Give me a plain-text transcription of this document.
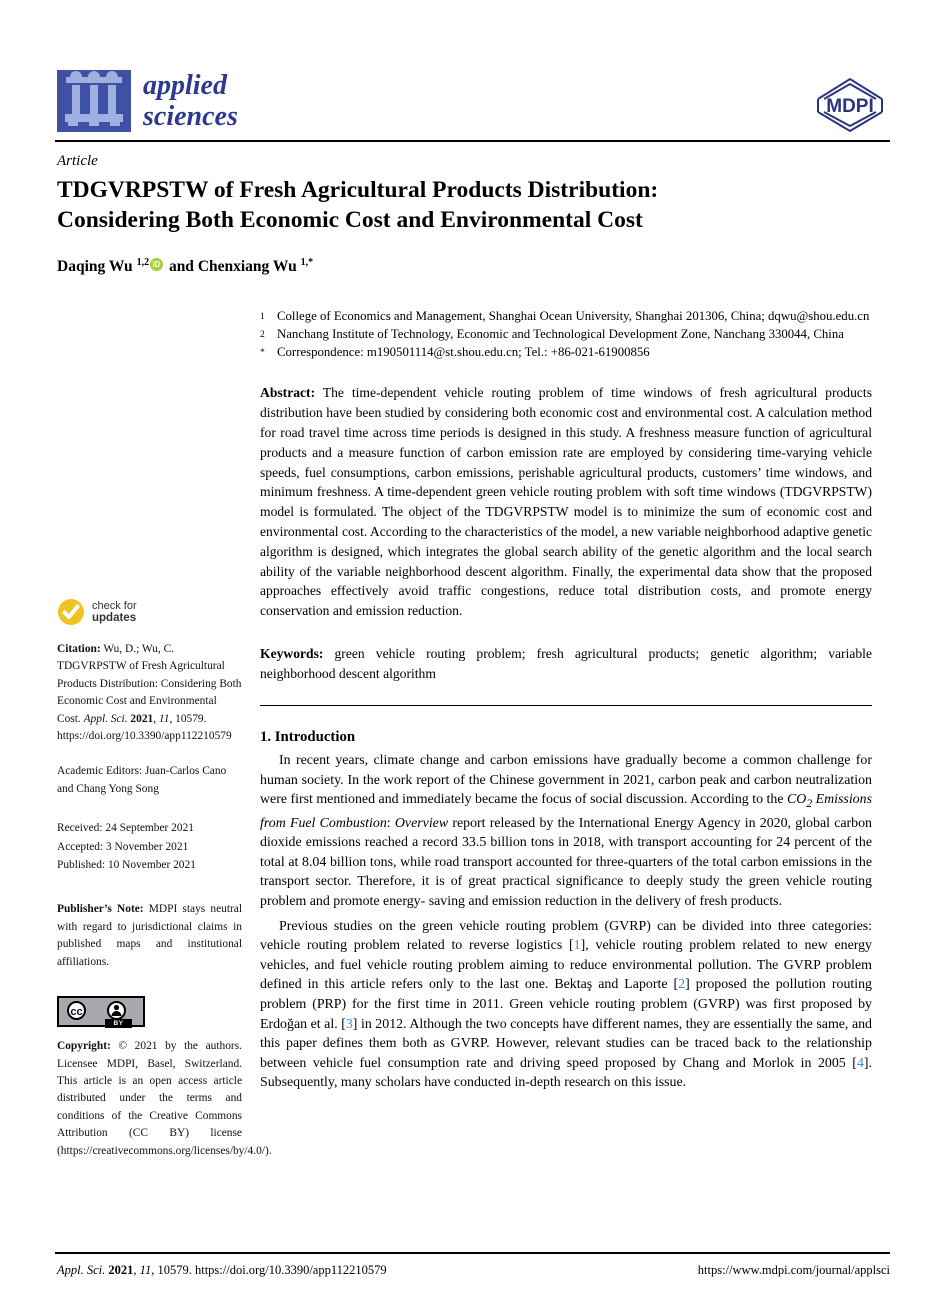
applied
sciences	MDPI
Article
TDGVRPSTW of Fresh Agricultural Products Distribution:
Considering Both Economic Cost and Environmental Cost
Daqing Wu $^{1,2}$ iD and Chenxiang Wu $^{1,*}$
1 College of Economics and Management, Shanghai Ocean University, Shanghai 201306, China; dqwu@shou.edu.cn
2 Nanchang Institute of Technology, Economic and Technological Development Zone, Nanchang 330044, China
* Correspondence: m190501114@st.shou.edu.cn; Tel.: +86-021-61900856
Abstract: The time-dependent vehicle routing problem of time windows of fresh agricultural products distribution have been studied by considering both economic cost and environmental cost. A calculation method for road travel time across time periods is designed in this study. A freshness measure function of agricultural products and a measure function of carbon emission rate are employed by considering time-varying vehicle speeds, fuel consumptions, carbon emissions, perishable agricultural products, customers’ time windows, and minimum freshness. A time-dependent green vehicle routing problem with soft time windows (TDGVRPSTW) model is formulated. The object of the TDGVRPSTW model is to minimize the sum of economic cost and environmental cost. According to the characteristics of the model, a new variable neighborhood adaptive genetic algorithm is designed, which integrates the global search ability of the genetic algorithm and the local search ability of the variable neighborhood descent algorithm. Finally, the experimental data show that the proposed approaches effectively avoid traffic congestions, reduce total distribution costs, and promote energy conservation and emission reduction.
Keywords: green vehicle routing problem; fresh agricultural products; genetic algorithm; variable neighborhood descent algorithm
1. Introduction

In recent years, climate change and carbon emissions have gradually become a common challenge for human society. In the work report of the Chinese government in 2021, carbon peak and carbon neutralization were first mentioned and immediately became the focus of social discussion. According to the $CO_2$ Emissions from Fuel Combustion: Overview report released by the International Energy Agency in 2020, global carbon dioxide emissions reached a record 33.5 billion tons in 2018, with transport accounting for 24 percent of the total at 8.04 billion tons, while road transport accounted for three-quarters of the total carbon emissions in the transport sector. Therefore, it is of great practical significance to deeply study the green vehicle routing problem and promote energy- saving and emission reduction in the delivery of fresh products.

Previous studies on the green vehicle routing problem (GVRP) can be divided into three categories: vehicle routing problem related to reverse logistics [1], vehicle routing problem related to new energy vehicles, and fuel vehicle routing problem aiming to reduce environmental pollution. The GVRP problem defined in this article refers only to the last one. Bektaş and Laporte [2] proposed the pollution routing problem (PRP) for the first time in 2011. Green vehicle routing problem (GVRP) was first proposed by Erdoğan et al. [3] in 2012. Although the two concepts have different names, they are essentially the same, and this paper defines them both as GVRP. However, relevant studies can be traced back to the relationship between vehicle fuel consumption rate and driving speed proposed by Chang and Morlok in 2005 [4]. Subsequently, many scholars have conducted in-depth research on this issue.

check for
updates
Citation: Wu, D.; Wu, C. TDGVRPSTW of Fresh Agricultural Products Distribution: Considering Both Economic Cost and Environmental Cost. Appl. Sci. 2021, 11, 10579. https://doi.org/10.3390/app112210579
Academic Editors: Juan-Carlos Cano and Chang Yong Song
Received: 24 September 2021
Accepted: 3 November 2021
Published: 10 November 2021
Publisher’s Note: MDPI stays neutral with regard to jurisdictional claims in published maps and institutional affiliations.
cc
BY
Copyright: © 2021 by the authors. Licensee MDPI, Basel, Switzerland. This article is an open access article distributed under the terms and conditions of the Creative Commons Attribution (CC BY) license (https://creativecommons.org/licenses/by/4.0/).
Appl. Sci. 2021, 11, 10579. https://doi.org/10.3390/app112210579	https://www.mdpi.com/journal/applsci
